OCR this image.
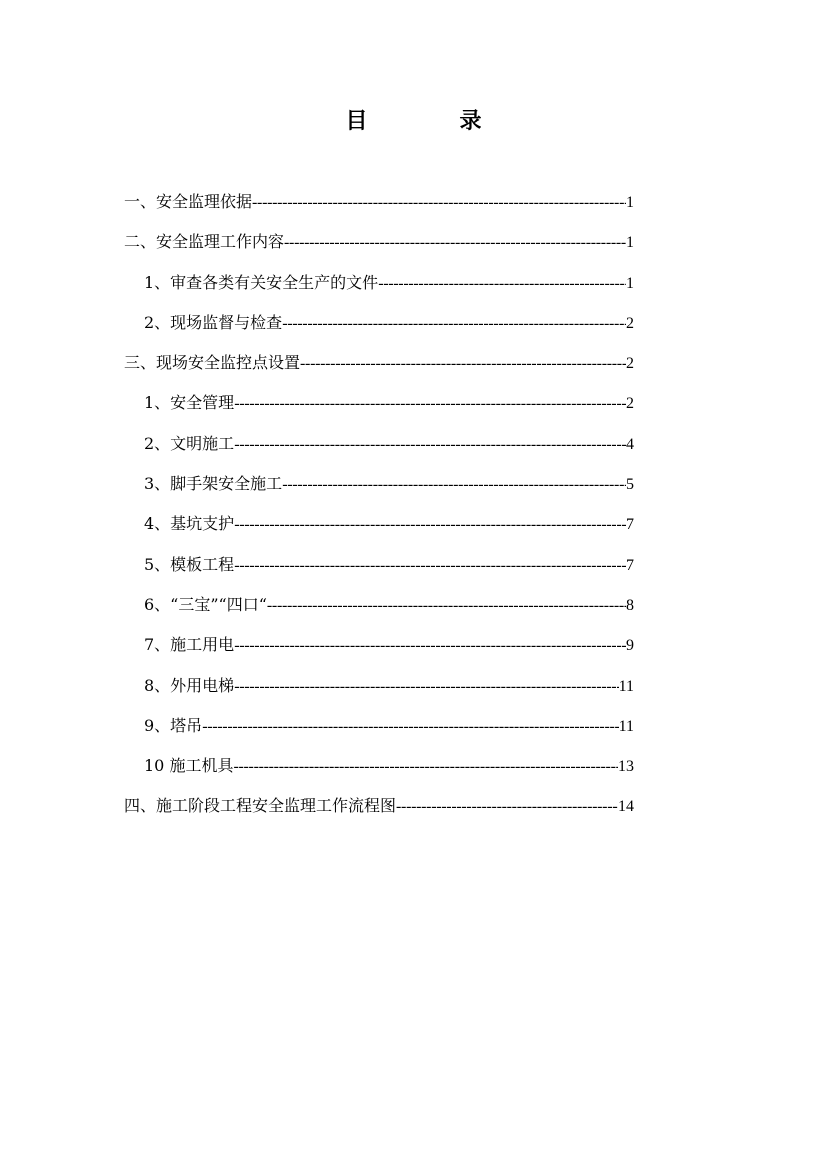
目	录
一、安全监理依据 -----	1
二、安全监理工作内容 -----	1
1、审查各类有关安全生产的文件 -----	1
2、现场监督与检查 -----	2
三、现场安全监控点设置 -----	2
1、安全管理 -----	2
2、文明施工 -----	4
3、脚手架安全施工 -----	5
4、基坑支护 -----	7
5、模板工程 -----	7
6、“三宝”“四口“ -----	8
7、施工用电 -----	9
8、外用电梯 -----	11
9、塔吊 -----	11
10 施工机具 -----	13
四、施工阶段工程安全监理工作流程图 -----	14
